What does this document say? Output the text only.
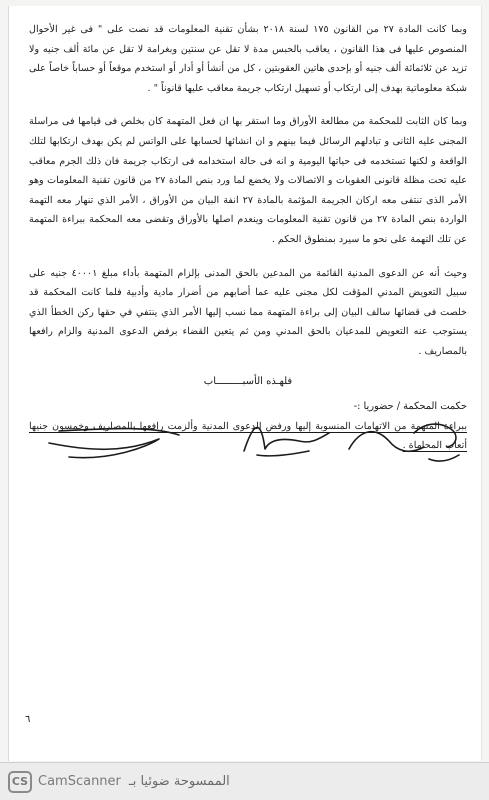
وبما كانت المادة ٢٧ من القانون ١٧٥ لسنة ٢٠١٨ بشأن تقنية المعلومات قد نصت على " فى غير الأحوال المنصوص عليها فى هذا القانون ، يعاقب بالحبس مدة لا تقل عن سنتين وبغرامة لا تقل عن مائة ألف جنيه ولا تزيد عن ثلاثمائة ألف جنيه أو بإحدى هاتين العقوبتين ، كل من أنشأ أو أدار أو استخدم موقعاً أو حساباً خاصاً على شبكة معلوماتية بهدف إلى ارتكاب أو تسهيل ارتكاب جريمة معاقب عليها قانوناً " .

وبما كان الثابت للمحكمة من مطالعة الأوراق وما استقر بها ان فعل المتهمة كان بخلص فى قيامها فى مراسلة المجنى عليه الثانى و تبادلهم الرسائل فيما بينهم و ان انشائها لحسابها على الواتس لم يكن بهدف ارتكابها لتلك الواقعة و لكنها تستخدمه فى حياتها اليومية و انه فى حالة استخدامه فى ارتكاب جريمة فان ذلك الجرم معاقب عليه تحت مظلة قانونى العقوبات و الاتصالات ولا يخضع لما ورد بنص المادة ٢٧ من قانون تقنية المعلومات وهو الأمر الذى تنتفى معه اركان الجريمة المؤثمة بالمادة ٢٧ انفة البيان من الأوراق ، الأمر الذي تنهار معه التهمة الواردة بنص المادة ٢٧ من قانون تقنية المعلومات وينعدم اصلها بالأوراق وتقضى معه المحكمة ببراءة المتهمة عن تلك التهمة على نحو ما سيرد بمنطوق الحكم .

وحيث أنه عن الدعوى المدنية القائمة من المدعين بالحق المدنى بإلزام المتهمة بأداء مبلغ ٤٠٠٠١ جنيه على سبيل التعويض المدني المؤقت لكل مجنى عليه عما أصابهم من أضرار مادية وأدبية فلما كانت المحكمة قد خلصت فى قضائها سالف البيان إلى براءة المتهمة مما نسب إليها الأمر الذي ينتفي في حقها ركن الخطأ الذي يستوجب عنه التعويض للمدعيان بالحق المدني ومن ثم يتعين القضاء برفض الدعوى المدنية والزام رافعها بالمصاريف .

فلهـذه الأسبـــــــــاب
حكمت المحكمة / حضوريا :-
ببراءة المتهمة من الاتهامات المنسوبة إليها ورفض الدعوى المدنية وألزمت رافعها بالمصاريف وخمسون جنيها أتعاب المحاماة .
٦
CS CamScanner الممسوحة ضوئيا بـ
